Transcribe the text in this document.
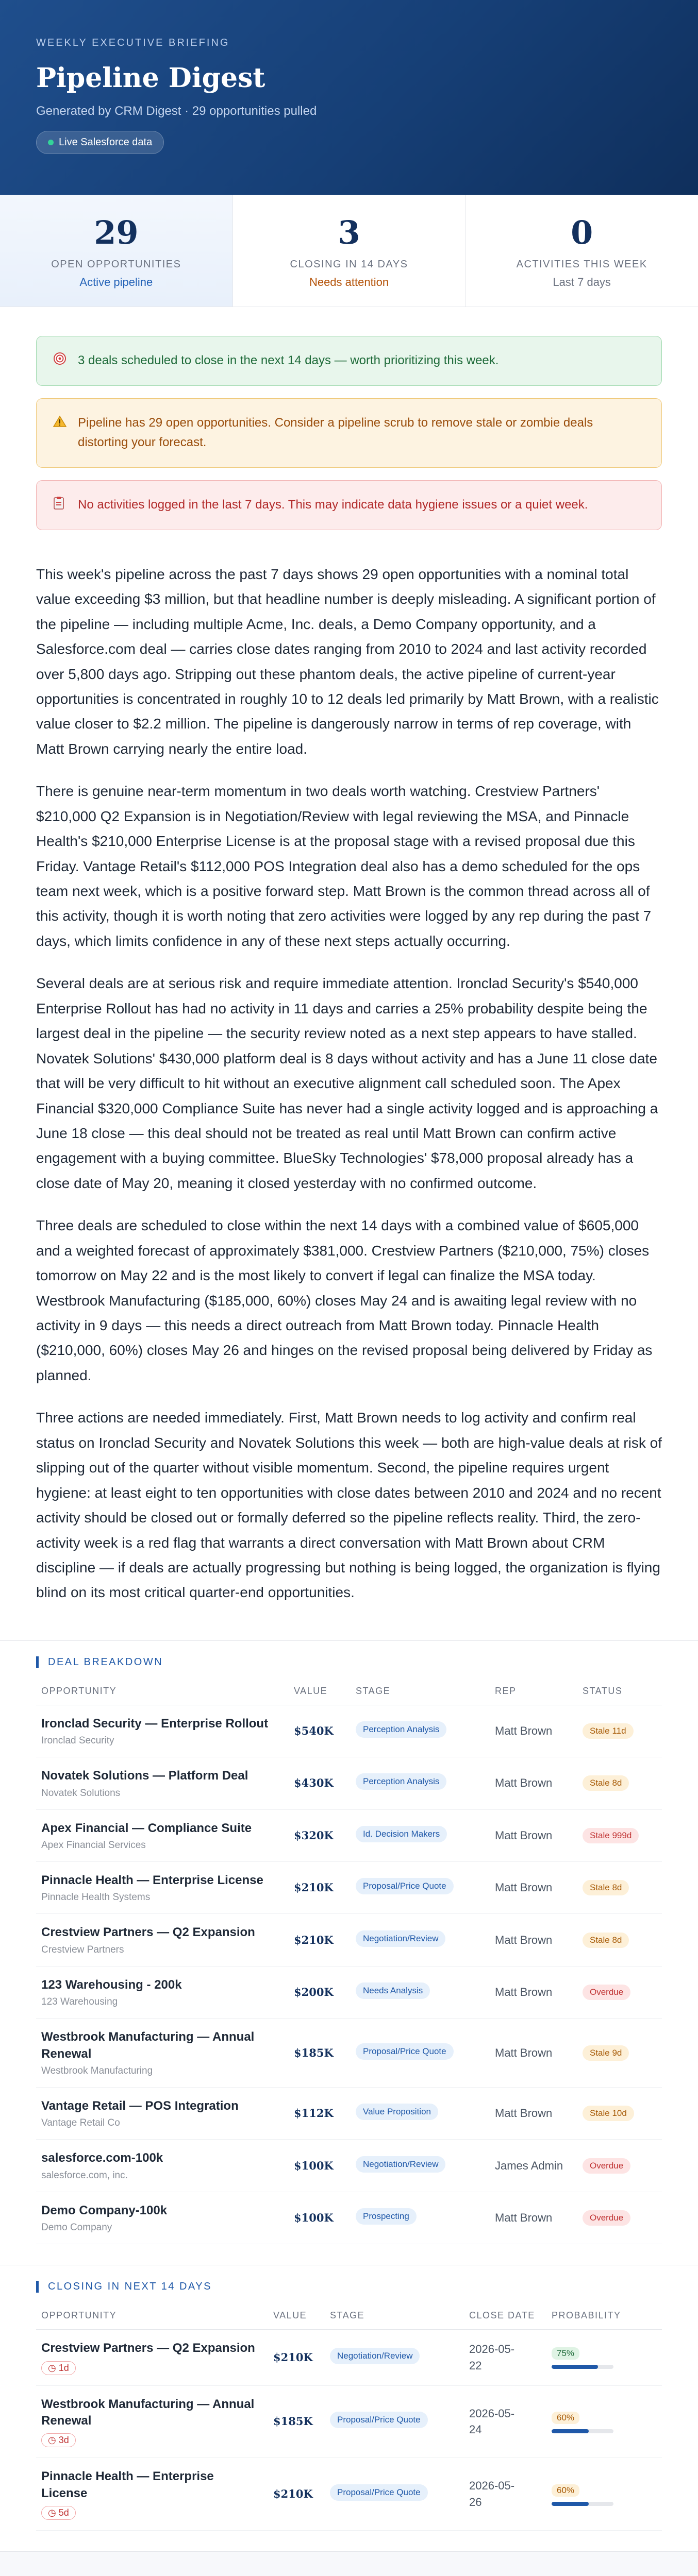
WEEKLY EXECUTIVE BRIEFING
Pipeline Digest
Generated by CRM Digest · 29 opportunities pulled
Live Salesforce data
29
OPEN OPPORTUNITIES
Active pipeline
3
CLOSING IN 14 DAYS
Needs attention
0
ACTIVITIES THIS WEEK
Last 7 days
3 deals scheduled to close in the next 14 days — worth prioritizing this week.
Pipeline has 29 open opportunities. Consider a pipeline scrub to remove stale or zombie deals distorting your forecast.
No activities logged in the last 7 days. This may indicate data hygiene issues or a quiet week.

This week's pipeline across the past 7 days shows 29 open opportunities with a nominal total value exceeding $3 million, but that headline number is deeply misleading. A significant portion of the pipeline — including multiple Acme, Inc. deals, a Demo Company opportunity, and a Salesforce.com deal — carries close dates ranging from 2010 to 2024 and last activity recorded over 5,800 days ago. Stripping out these phantom deals, the active pipeline of current-year opportunities is concentrated in roughly 10 to 12 deals led primarily by Matt Brown, with a realistic value closer to $2.2 million. The pipeline is dangerously narrow in terms of rep coverage, with Matt Brown carrying nearly the entire load.

There is genuine near-term momentum in two deals worth watching. Crestview Partners' $210,000 Q2 Expansion is in Negotiation/Review with legal reviewing the MSA, and Pinnacle Health's $210,000 Enterprise License is at the proposal stage with a revised proposal due this Friday. Vantage Retail's $112,000 POS Integration deal also has a demo scheduled for the ops team next week, which is a positive forward step. Matt Brown is the common thread across all of this activity, though it is worth noting that zero activities were logged by any rep during the past 7 days, which limits confidence in any of these next steps actually occurring.

Several deals are at serious risk and require immediate attention. Ironclad Security's $540,000 Enterprise Rollout has had no activity in 11 days and carries a 25% probability despite being the largest deal in the pipeline — the security review noted as a next step appears to have stalled. Novatek Solutions' $430,000 platform deal is 8 days without activity and has a June 11 close date that will be very difficult to hit without an executive alignment call scheduled soon. The Apex Financial $320,000 Compliance Suite has never had a single activity logged and is approaching a June 18 close — this deal should not be treated as real until Matt Brown can confirm active engagement with a buying committee. BlueSky Technologies' $78,000 proposal already has a close date of May 20, meaning it closed yesterday with no confirmed outcome.

Three deals are scheduled to close within the next 14 days with a combined value of $605,000 and a weighted forecast of approximately $381,000. Crestview Partners ($210,000, 75%) closes tomorrow on May 22 and is the most likely to convert if legal can finalize the MSA today. Westbrook Manufacturing ($185,000, 60%) closes May 24 and is awaiting legal review with no activity in 9 days — this needs a direct outreach from Matt Brown today. Pinnacle Health ($210,000, 60%) closes May 26 and hinges on the revised proposal being delivered by Friday as planned.

Three actions are needed immediately. First, Matt Brown needs to log activity and confirm real status on Ironclad Security and Novatek Solutions this week — both are high-value deals at risk of slipping out of the quarter without visible momentum. Second, the pipeline requires urgent hygiene: at least eight to ten opportunities with close dates between 2010 and 2024 and no recent activity should be closed out or formally deferred so the pipeline reflects reality. Third, the zero-activity week is a red flag that warrants a direct conversation with Matt Brown about CRM discipline — if deals are actually progressing but nothing is being logged, the organization is flying blind on its most critical quarter-end opportunities.

DEAL BREAKDOWN
OPPORTUNITY	VALUE	STAGE	REP	STATUS

Ironclad Security — Enterprise Rollout
Ironclad Security	$540K	Perception Analysis	Matt Brown	Stale 11d

Novatek Solutions — Platform Deal
Novatek Solutions	$430K	Perception Analysis	Matt Brown	Stale 8d

Apex Financial — Compliance Suite
Apex Financial Services	$320K	Id. Decision Makers	Matt Brown	Stale 999d

Pinnacle Health — Enterprise License
Pinnacle Health Systems	$210K	Proposal/Price Quote	Matt Brown	Stale 8d

Crestview Partners — Q2 Expansion
Crestview Partners	$210K	Negotiation/Review	Matt Brown	Stale 8d

123 Warehousing - 200k
123 Warehousing	$200K	Needs Analysis	Matt Brown	Overdue

Westbrook Manufacturing — Annual Renewal
Westbrook Manufacturing	$185K	Proposal/Price Quote	Matt Brown	Stale 9d

Vantage Retail — POS Integration
Vantage Retail Co	$112K	Value Proposition	Matt Brown	Stale 10d

salesforce.com-100k
salesforce.com, inc.	$100K	Negotiation/Review	James Admin	Overdue

Demo Company-100k
Demo Company	$100K	Prospecting	Matt Brown	Overdue
CLOSING IN NEXT 14 DAYS
OPPORTUNITY	VALUE	STAGE	CLOSE DATE	PROBABILITY

Crestview Partners — Q2 Expansion
◷ 1d	$210K	Negotiation/Review	2026-05-22	75%

Westbrook Manufacturing — Annual Renewal
◷ 3d	$185K	Proposal/Price Quote	2026-05-24	60%

Pinnacle Health — Enterprise License
◷ 5d	$210K	Proposal/Price Quote	2026-05-26	60%
